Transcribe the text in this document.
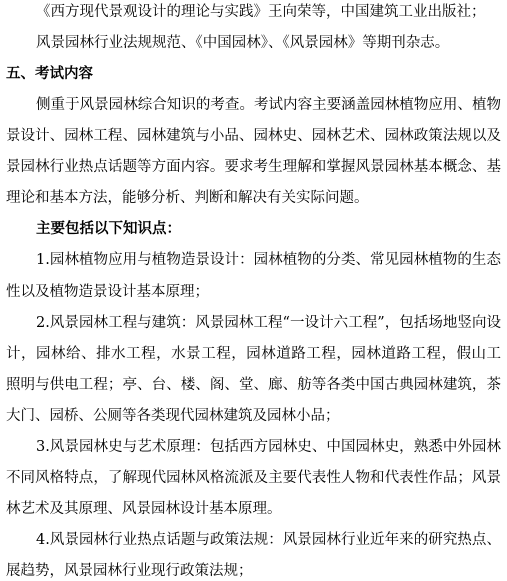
《西方现代景观设计的理论与实践》王向荣等，中国建筑工业出版社；
风景园林行业法规规范、《中国园林》、《风景园林》等期刊杂志。
五、考试内容
侧重于风景园林综合知识的考查。考试内容主要涵盖园林植物应用、植物
景设计、园林工程、园林建筑与小品、园林史、园林艺术、园林政策法规以及
景园林行业热点话题等方面内容。要求考生理解和掌握风景园林基本概念、基
理论和基本方法，能够分析、判断和解决有关实际问题。
主要包括以下知识点：
1.园林植物应用与植物造景设计：园林植物的分类、常见园林植物的生态
性以及植物造景设计基本原理；
2.风景园林工程与建筑：风景园林工程“一设计六工程”，包括场地竖向设
计，园林给、排水工程，水景工程，园林道路工程，园林道路工程，假山工
照明与供电工程；亭、台、楼、阁、堂、廊、舫等各类中国古典园林建筑，茶
大门、园桥、公厕等各类现代园林建筑及园林小品；
3.风景园林史与艺术原理：包括西方园林史、中国园林史，熟悉中外园林
不同风格特点，了解现代园林风格流派及主要代表性人物和代表性作品；风景
林艺术及其原理、风景园林设计基本原理。
4.风景园林行业热点话题与政策法规：风景园林行业近年来的研究热点、
展趋势，风景园林行业现行政策法规；
